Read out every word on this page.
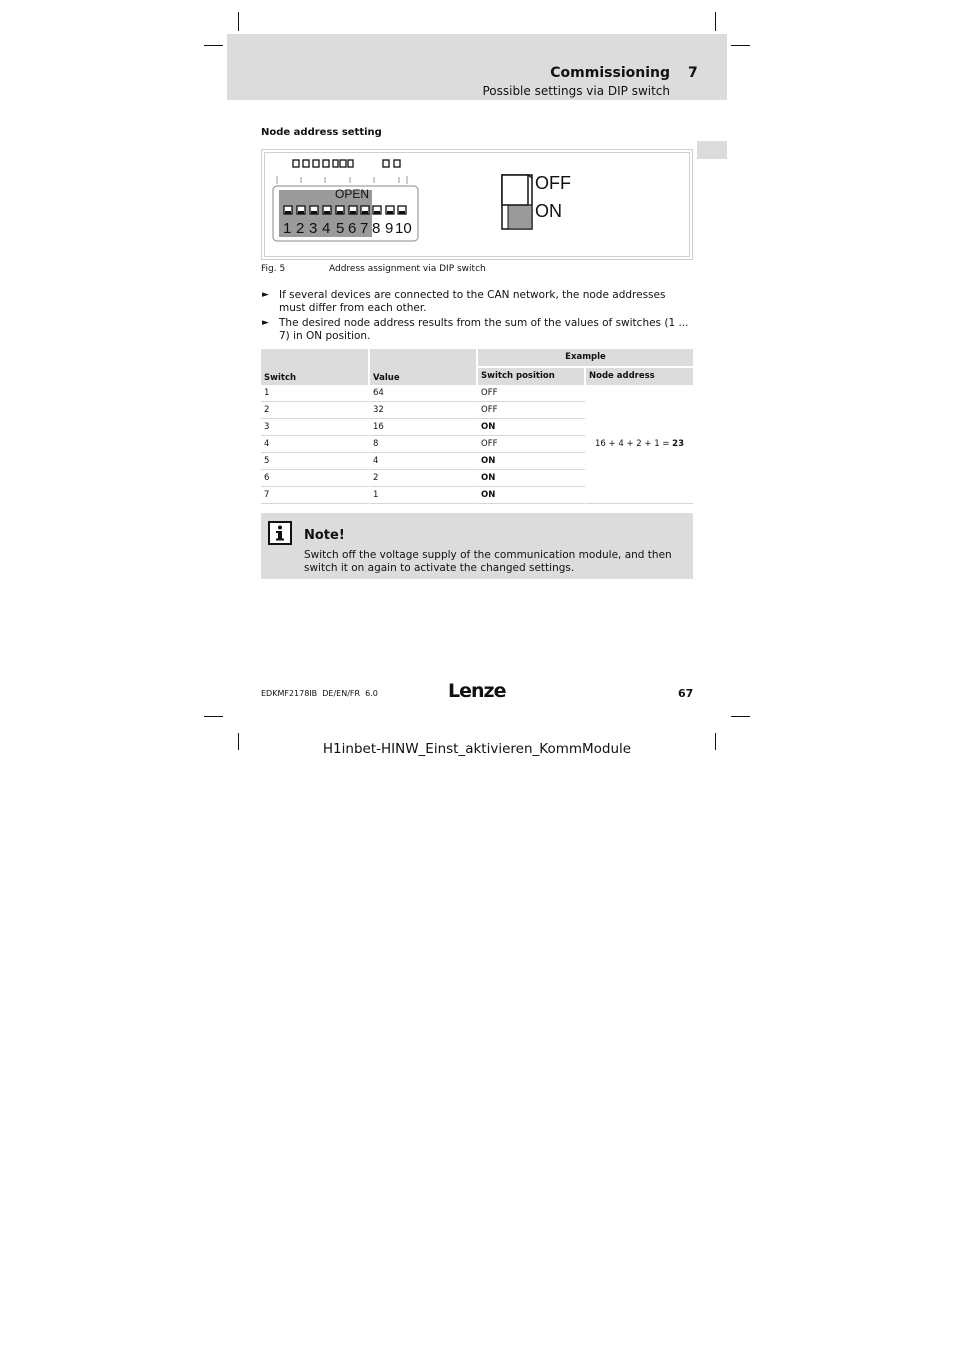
Commissioning 7
Possible settings via DIP switch
Node address setting
OPEN
1 2 3 4 5 6 7 8 9 10
OFF
ON
Fig. 5	Address assignment via DIP switch
► If several devices are connected to the CAN network, the node addresses must differ from each other.
► The desired node address results from the sum of the values of switches (1 ... 7) in ON position.
Switch	Value	Example	
		Switch position	Node address
1	64	OFF	16 + 4 + 2 + 1 = 23
2	32	OFF	
3	16	ON	
4	8	OFF	
5	4	ON	
6	2	ON	
7	1	ON	
Note!
Switch off the voltage supply of the communication module, and then switch it on again to activate the changed settings.
EDKMF2178IB  DE/EN/FR  6.0	Lenze	67
H1inbet-HINW_Einst_aktivieren_KommModule
